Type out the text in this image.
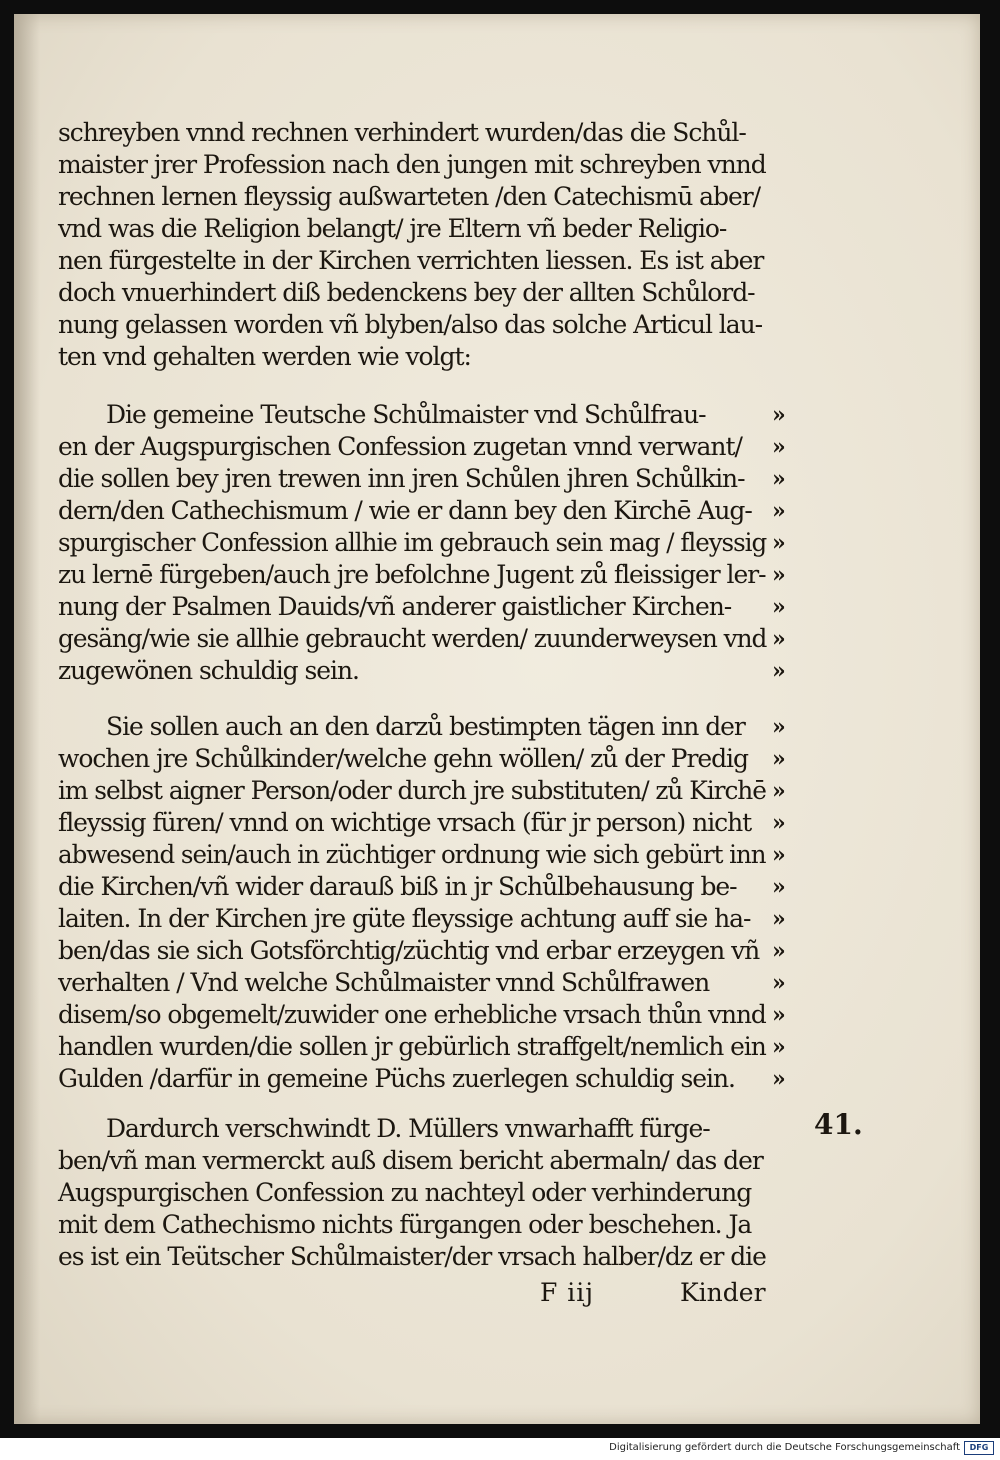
schreyben vnnd rechnen verhindert wurden/das die Schůl-
maister jrer Profession nach den jungen mit schreyben vnnd
rechnen lernen fleyssig außwarteten /den Catechismū aber/
vnd was die Religion belangt/ jre Eltern vñ beder Religio-
nen fürgestelte in der Kirchen verrichten liessen. Es ist aber
doch vnuerhindert diß bedenckens bey der allten Schůlord-
nung gelassen worden vñ blyben/also das solche Articul lau-
ten vnd gehalten werden wie volgt:
Die gemeine Teutsche Schůlmaister vnd Schůlfrau-
en der Augspurgischen Confession zugetan vnnd verwant/
die sollen bey jren trewen inn jren Schůlen jhren Schůlkin-
dern/den Cathechismum / wie er dann bey den Kirchē Aug-
spurgischer Confession allhie im gebrauch sein mag / fleyssig
zu lernē fürgeben/auch jre befolchne Jugent zů fleissiger ler-
nung der Psalmen Dauids/vñ anderer gaistlicher Kirchen-
gesäng/wie sie allhie gebraucht werden/ zuunderweysen vnd
zugewönen schuldig sein.
Sie sollen auch an den darzů bestimpten tägen inn der
wochen jre Schůlkinder/welche gehn wöllen/ zů der Predig
im selbst aigner Person/oder durch jre substituten/ zů Kirchē
fleyssig füren/ vnnd on wichtige vrsach (für jr person) nicht
abwesend sein/auch in züchtiger ordnung wie sich gebürt inn
die Kirchen/vñ wider darauß biß in jr Schůlbehausung be-
laiten. In der Kirchen jre güte fleyssige achtung auff sie ha-
ben/das sie sich Gotsförchtig/züchtig vnd erbar erzeygen vñ
verhalten / Vnd welche Schůlmaister vnnd Schůlfrawen
disem/so obgemelt/zuwider one erhebliche vrsach thůn vnnd
handlen wurden/die sollen jr gebürlich straffgelt/nemlich ein
Gulden /darfür in gemeine Püchs zuerlegen schuldig sein.
Dardurch verschwindt D. Müllers vnwarhafft fürge-
ben/vñ man vermerckt auß disem bericht abermaln/ das der
Augspurgischen Confession zu nachteyl oder verhinderung
mit dem Cathechismo nichts fürgangen oder beschehen. Ja
es ist ein Teütscher Schůlmaister/der vrsach halber/dz er die
»
»
»
»
»
»
»
»
»
»
»
»
»
»
»
»
»
»
»
»
»
41.
F iij	Kinder
Digitalisierung gefördert durch die Deutsche Forschungsgemeinschaft	DFG
